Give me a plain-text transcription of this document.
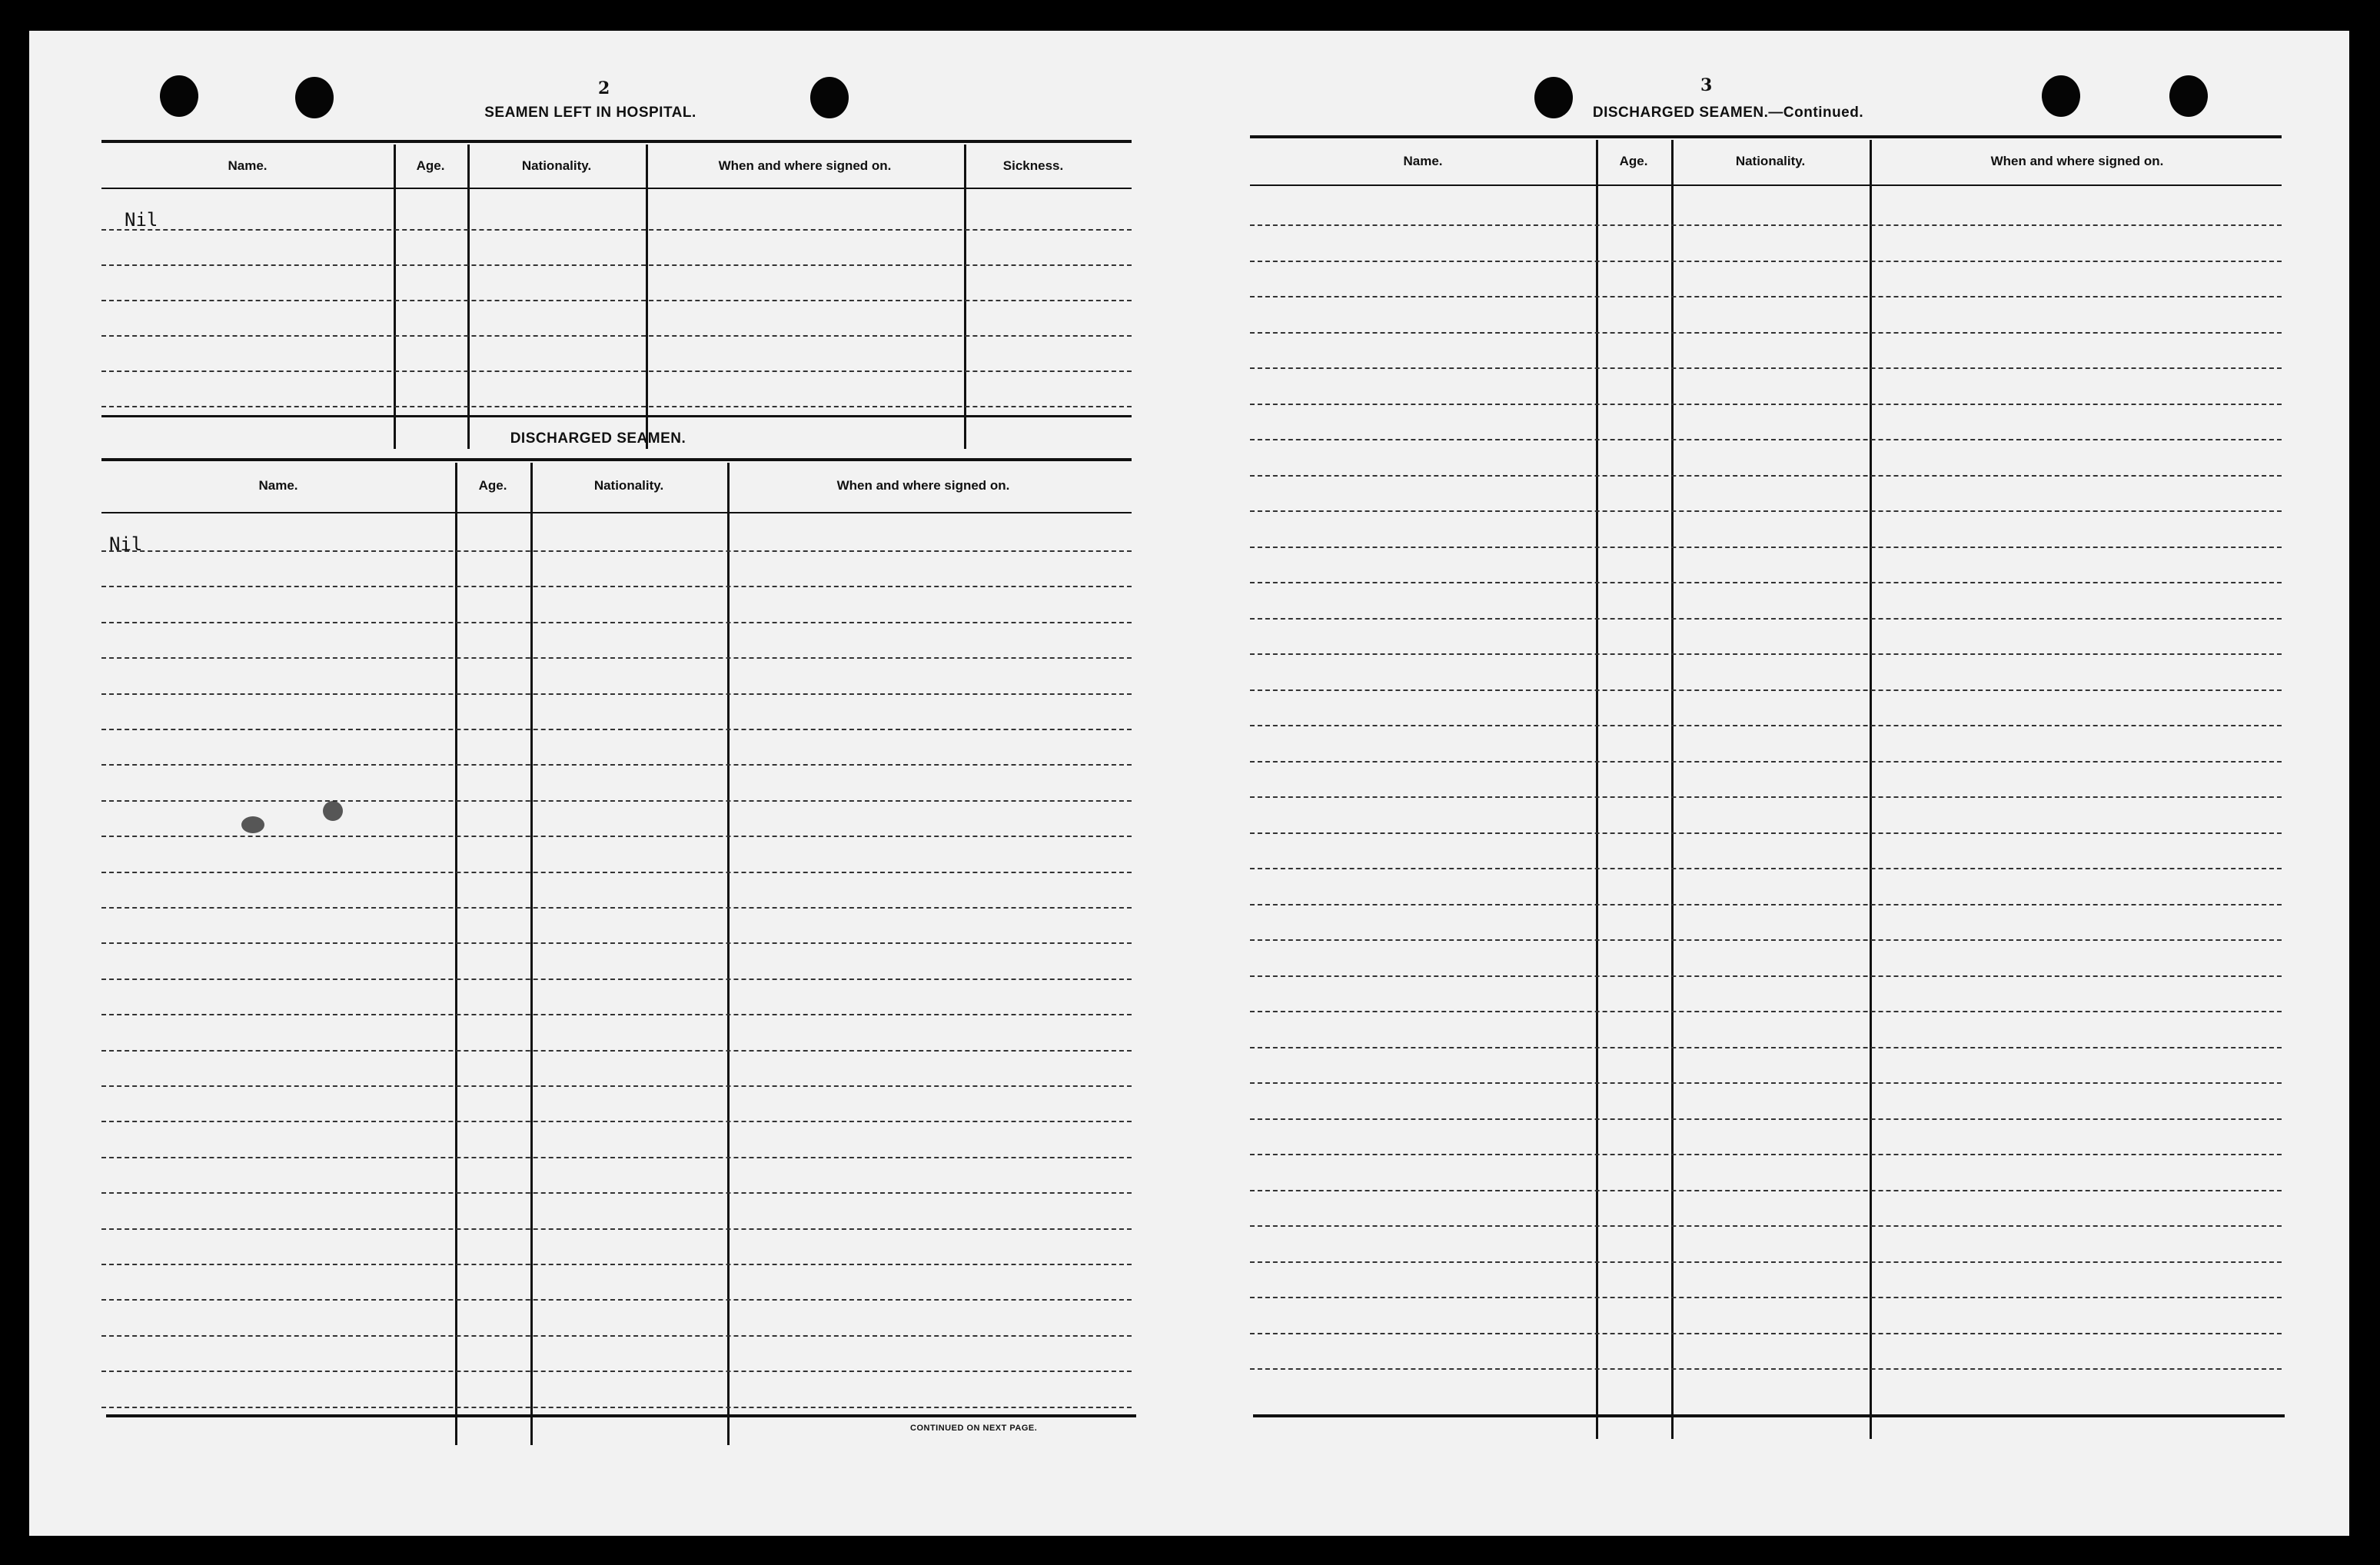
2
SEAMEN LEFT IN HOSPITAL.
Name.	Age.	Nationality.	When and where signed on.	Sickness.
Nil
DISCHARGED SEAMEN.
Name.	Age.	Nationality.	When and where signed on.
Nil
CONTINUED ON NEXT PAGE.
3
DISCHARGED SEAMEN.—Continued.
Name.	Age.	Nationality.	When and where signed on.
